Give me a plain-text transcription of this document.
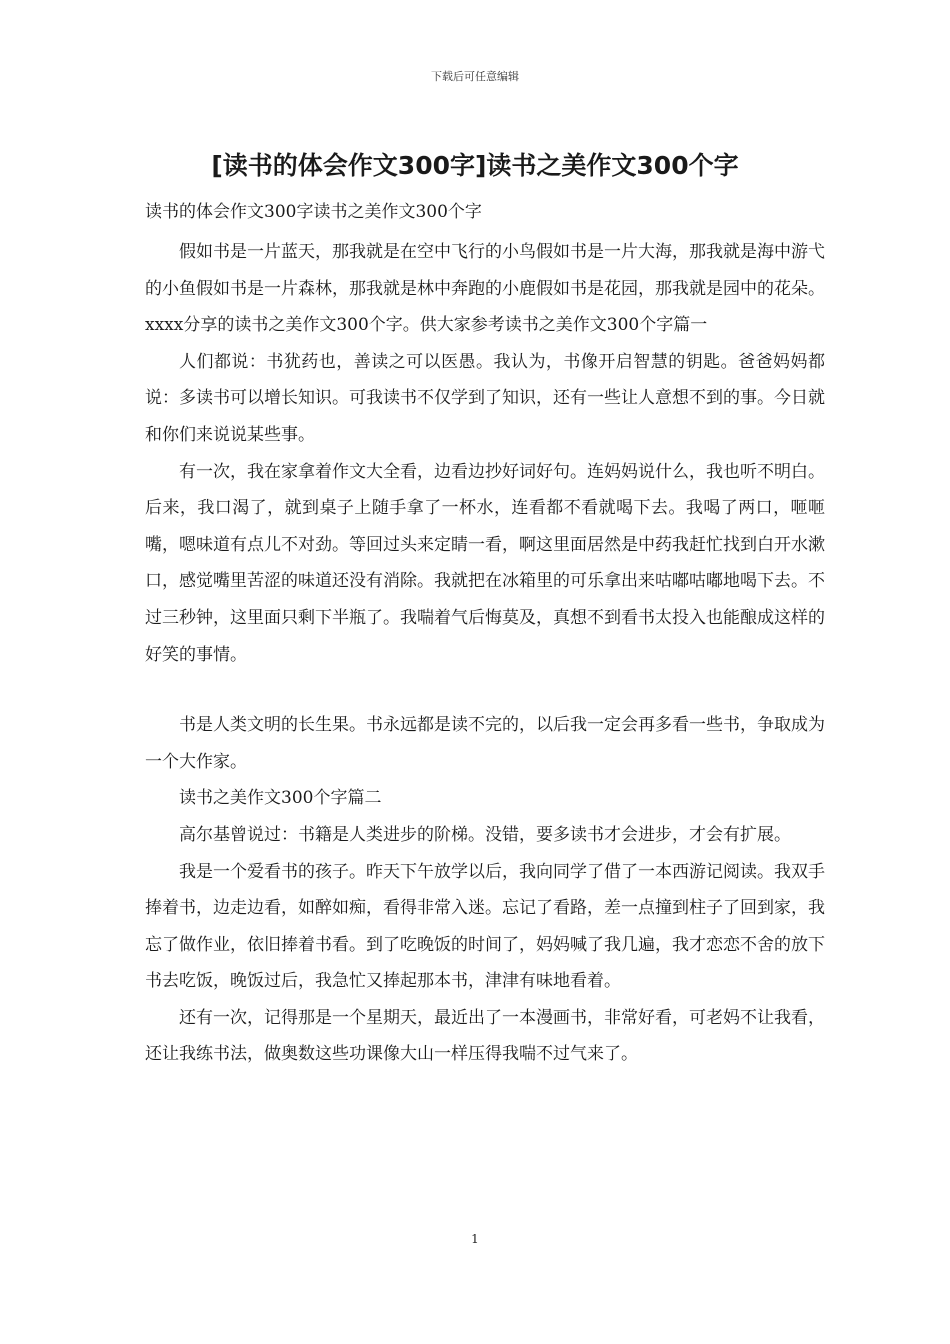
下载后可任意编辑
[读书的体会作文300字]读书之美作文300个字

读书的体会作文300字读书之美作文300个字

假如书是一片蓝天，那我就是在空中飞行的小鸟假如书是一片大海，那我就是海中游弋的小鱼假如书是一片森林，那我就是林中奔跑的小鹿假如书是花园，那我就是园中的花朵。xxxx分享的读书之美作文300个字。供大家参考读书之美作文300个字篇一

人们都说：书犹药也，善读之可以医愚。我认为，书像开启智慧的钥匙。爸爸妈妈都说：多读书可以增长知识。可我读书不仅学到了知识，还有一些让人意想不到的事。今日就和你们来说说某些事。

有一次，我在家拿着作文大全看，边看边抄好词好句。连妈妈说什么，我也听不明白。后来，我口渴了，就到桌子上随手拿了一杯水，连看都不看就喝下去。我喝了两口，咂咂嘴，嗯味道有点儿不对劲。等回过头来定睛一看，啊这里面居然是中药我赶忙找到白开水漱口，感觉嘴里苦涩的味道还没有消除。我就把在冰箱里的可乐拿出来咕嘟咕嘟地喝下去。不过三秒钟，这里面只剩下半瓶了。我喘着气后悔莫及，真想不到看书太投入也能酿成这样的好笑的事情。

书是人类文明的长生果。书永远都是读不完的，以后我一定会再多看一些书，争取成为一个大作家。

读书之美作文300个字篇二

高尔基曾说过：书籍是人类进步的阶梯。没错，要多读书才会进步，才会有扩展。

我是一个爱看书的孩子。昨天下午放学以后，我向同学了借了一本西游记阅读。我双手捧着书，边走边看，如醉如痴，看得非常入迷。忘记了看路，差一点撞到柱子了回到家，我忘了做作业，依旧捧着书看。到了吃晚饭的时间了，妈妈喊了我几遍，我才恋恋不舍的放下书去吃饭，晚饭过后，我急忙又捧起那本书，津津有味地看着。

还有一次，记得那是一个星期天，最近出了一本漫画书，非常好看，可老妈不让我看，还让我练书法，做奥数这些功课像大山一样压得我喘不过气来了。

1
